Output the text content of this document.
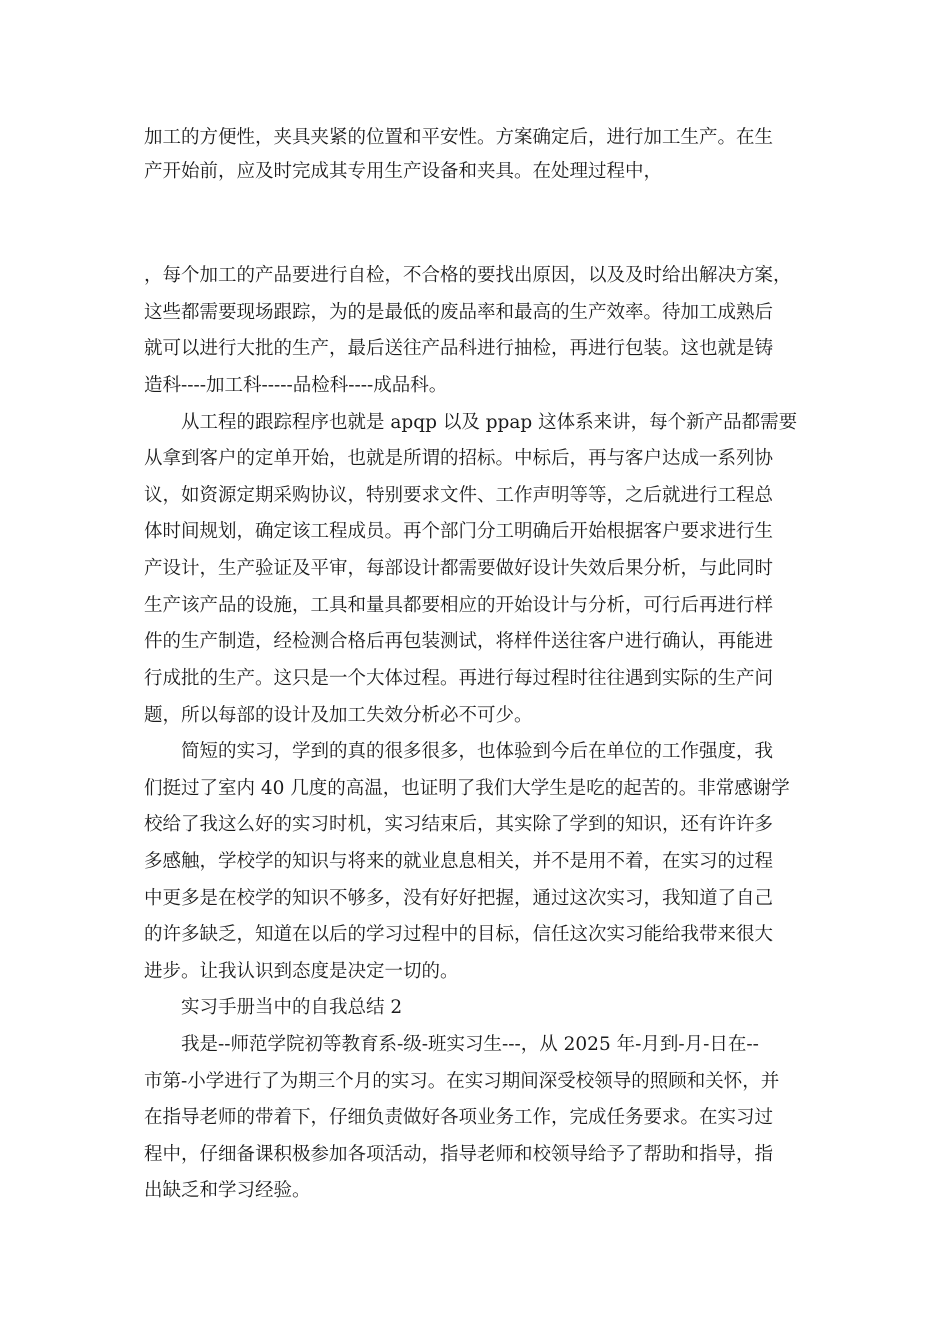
加工的方便性，夹具夹紧的位置和平安性。方案确定后，进行加工生产。在生
产开始前，应及时完成其专用生产设备和夹具。在处理过程中，
，每个加工的产品要进行自检，不合格的要找出原因，以及及时给出解决方案，
这些都需要现场跟踪，为的是最低的废品率和最高的生产效率。待加工成熟后
就可以进行大批的生产，最后送往产品科进行抽检，再进行包装。这也就是铸
造科----加工科-----品检科----成品科。
从工程的跟踪程序也就是 apqp 以及 ppap 这体系来讲，每个新产品都需要
从拿到客户的定单开始，也就是所谓的招标。中标后，再与客户达成一系列协
议，如资源定期采购协议，特别要求文件、工作声明等等，之后就进行工程总
体时间规划，确定该工程成员。再个部门分工明确后开始根据客户要求进行生
产设计，生产验证及平审，每部设计都需要做好设计失效后果分析，与此同时
生产该产品的设施，工具和量具都要相应的开始设计与分析，可行后再进行样
件的生产制造，经检测合格后再包装测试，将样件送往客户进行确认，再能进
行成批的生产。这只是一个大体过程。再进行每过程时往往遇到实际的生产问
题，所以每部的设计及加工失效分析必不可少。
简短的实习，学到的真的很多很多，也体验到今后在单位的工作强度，我
们挺过了室内 40 几度的高温，也证明了我们大学生是吃的起苦的。非常感谢学
校给了我这么好的实习时机，实习结束后，其实除了学到的知识，还有许许多
多感触，学校学的知识与将来的就业息息相关，并不是用不着，在实习的过程
中更多是在校学的知识不够多，没有好好把握，通过这次实习，我知道了自己
的许多缺乏，知道在以后的学习过程中的目标，信任这次实习能给我带来很大
进步。让我认识到态度是决定一切的。
实习手册当中的自我总结 2
我是--师范学院初等教育系-级-班实习生---，从 2025 年-月到-月-日在--
市第-小学进行了为期三个月的实习。在实习期间深受校领导的照顾和关怀，并
在指导老师的带着下，仔细负责做好各项业务工作，完成任务要求。在实习过
程中，仔细备课积极参加各项活动，指导老师和校领导给予了帮助和指导，指
出缺乏和学习经验。
